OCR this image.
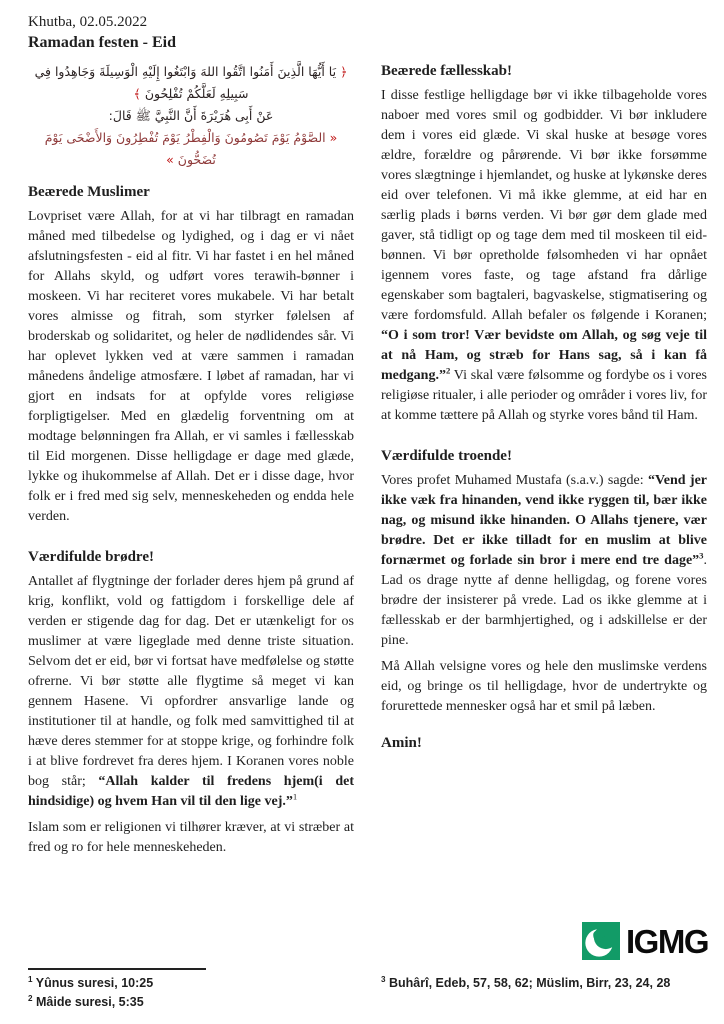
Khutba, 02.05.2022

Ramadan festen - Eid

‫﴿ يَا أَيُّهَا الَّذِينَ أَمَنُوا اتَّقُوا اللهَ وَابْتَغُوا إِلَيْهِ الْوَسِيلَةَ وَجَاهِدُوا فِي سَبِيلِهِ لَعَلَّكُمْ تُفْلِحُونَ ﴾

عَنْ أَبِى هُرَيْرَةَ أَنَّ النَّبِيَّ ﷺ قَالَ:

« الصَّوْمُ يَوْمَ تَصُومُونَ وَالْفِطْرُ يَوْمَ تُفْطِرُونَ وَالأَضْحَى يَوْمَ تُضَحُّونَ »

Beærede Muslimer

Lovpriset være Allah, for at vi har tilbragt en ramadan måned med tilbedelse og lydighed, og i dag er vi nået afslutningsfesten - eid al fitr. Vi har fastet i en hel måned for Allahs skyld, og udført vores terawih-bønner i moskeen. Vi har reciteret vores mukabele. Vi har betalt vores almisse og fitrah, som styrker følelsen af broderskab og solidaritet, og heler de nødlidendes sår. Vi har oplevet lykken ved at være sammen i ramadan månedens åndelige atmosfære. I løbet af ramadan, har vi gjort en indsats for at opfylde vores religiøse forpligtigelser. Med en glædelig forventning om at modtage belønningen fra Allah, er vi samles i fællesskab til Eid morgenen. Disse helligdage er dage med glæde, lykke og ihukommelse af Allah. Det er i disse dage, hvor folk er i fred med sig selv, menneskeheden og endda hele verden.

Værdifulde brødre!

Antallet af flygtninge der forlader deres hjem på grund af krig, konflikt, vold og fattigdom i forskellige dele af verden er stigende dag for dag. Det er utænkeligt for os muslimer at være ligeglade med denne triste situation. Selvom det er eid, bør vi fortsat have medfølelse og støtte ofrerne. Vi bør støtte alle flygtime så meget vi kan gennem Hasene. Vi opfordrer ansvarlige lande og institutioner til at handle, og folk med samvittighed til at hæve deres stemmer for at stoppe krige, og forhindre folk i at blive fordrevet fra deres hjem. I Koranen vores noble bog står; “Allah kalder til fredens hjem(i det hindsidige) og hvem Han vil til den lige vej.”$^1$

Islam som er religionen vi tilhører kræver, at vi stræber at fred og ro for hele menneskeheden.

Beærede fællesskab!

I disse festlige helligdage bør vi ikke tilbageholde vores naboer med vores smil og godbidder. Vi bør inkludere dem i vores eid glæde. Vi skal huske at besøge vores ældre, forældre og pårørende. Vi bør ikke forsømme vores slægtninge i hjemlandet, og huske at lykønske deres eid over telefonen. Vi må ikke glemme, at eid har en særlig plads i børns verden. Vi bør gør dem glade med gaver, stå tidligt op og tage dem med til moskeen til eid-bønnen. Vi bør opretholde følsomheden vi har opnået igennem vores faste, og tage afstand fra dårlige egenskaber som bagtaleri, bagvaskelse, stigmatisering og være fordomsfuld. Allah befaler os følgende i Koranen; “O i som tror! Vær bevidste om Allah, og søg veje til at nå Ham, og stræb for Hans sag, så i kan få medgang.”$^2$ Vi skal være følsomme og fordybe os i vores religiøse ritualer, i alle perioder og områder i vores liv, for at komme tættere på Allah og styrke vores bånd til Ham.

Værdifulde troende!

Vores profet Muhamed Mustafa (s.a.v.) sagde: “Vend jer ikke væk fra hinanden, vend ikke ryggen til, bær ikke nag, og misund ikke hinanden. O Allahs tjenere, vær brødre. Det er ikke tilladt for en muslim at blive fornærmet og forlade sin bror i mere end tre dage”$^3$. Lad os drage nytte af denne helligdag, og forene vores brødre der insisterer på vrede. Lad os ikke glemme at i fællesskab er der barmhjertighed, og i adskillelse er der pine.

Må Allah velsigne vores og hele den muslimske verdens eid, og bringe os til helligdage, hvor de undertrykte og forurettede mennesker også har et smil på læben.

Amin!

$^1$ Yûnus suresi, 10:25

$^2$ Mâide suresi, 5:35

$^3$ Buhârî, Edeb, 57, 58, 62; Müslim, Birr, 23, 24, 28
IGMG
